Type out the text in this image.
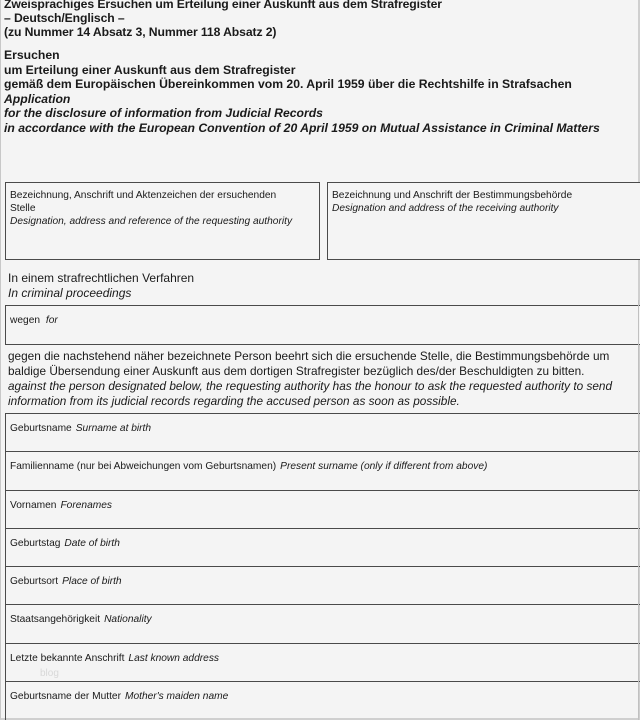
Zweisprachiges Ersuchen um Erteilung einer Auskunft aus dem Strafregister
– Deutsch/Englisch –
(zu Nummer 14 Absatz 3, Nummer 118 Absatz 2)
Ersuchen
um Erteilung einer Auskunft aus dem Strafregister
gemäß dem Europäischen Übereinkommen vom 20. April 1959 über die Rechtshilfe in Strafsachen
Application
for the disclosure of information from Judicial Records
in accordance with the European Convention of 20 April 1959 on Mutual Assistance in Criminal Matters
Bezeichnung, Anschrift und Aktenzeichen der ersuchenden Stelle
Designation, address and reference of the requesting authority
Bezeichnung und Anschrift der Bestimmungsbehörde
Designation and address of the receiving authority
In einem strafrechtlichen Verfahren
In criminal proceedings
wegen for
gegen die nachstehend näher bezeichnete Person beehrt sich die ersuchende Stelle, die Bestimmungsbehörde um baldige Übersendung einer Auskunft aus dem dortigen Strafregister bezüglich des/der Beschuldigten zu bitten.
against the person designated below, the requesting authority has the honour to ask the requested authority to send information from its judicial records regarding the accused person as soon as possible.
Geburtsname Surname at birth
Familienname (nur bei Abweichungen vom Geburtsnamen) Present surname (only if different from above)
Vornamen Forenames
Geburtstag Date of birth
Geburtsort Place of birth
Staatsangehörigkeit Nationality
Letzte bekannte Anschrift Last known address
Geburtsname der Mutter Mother's maiden name
blog
